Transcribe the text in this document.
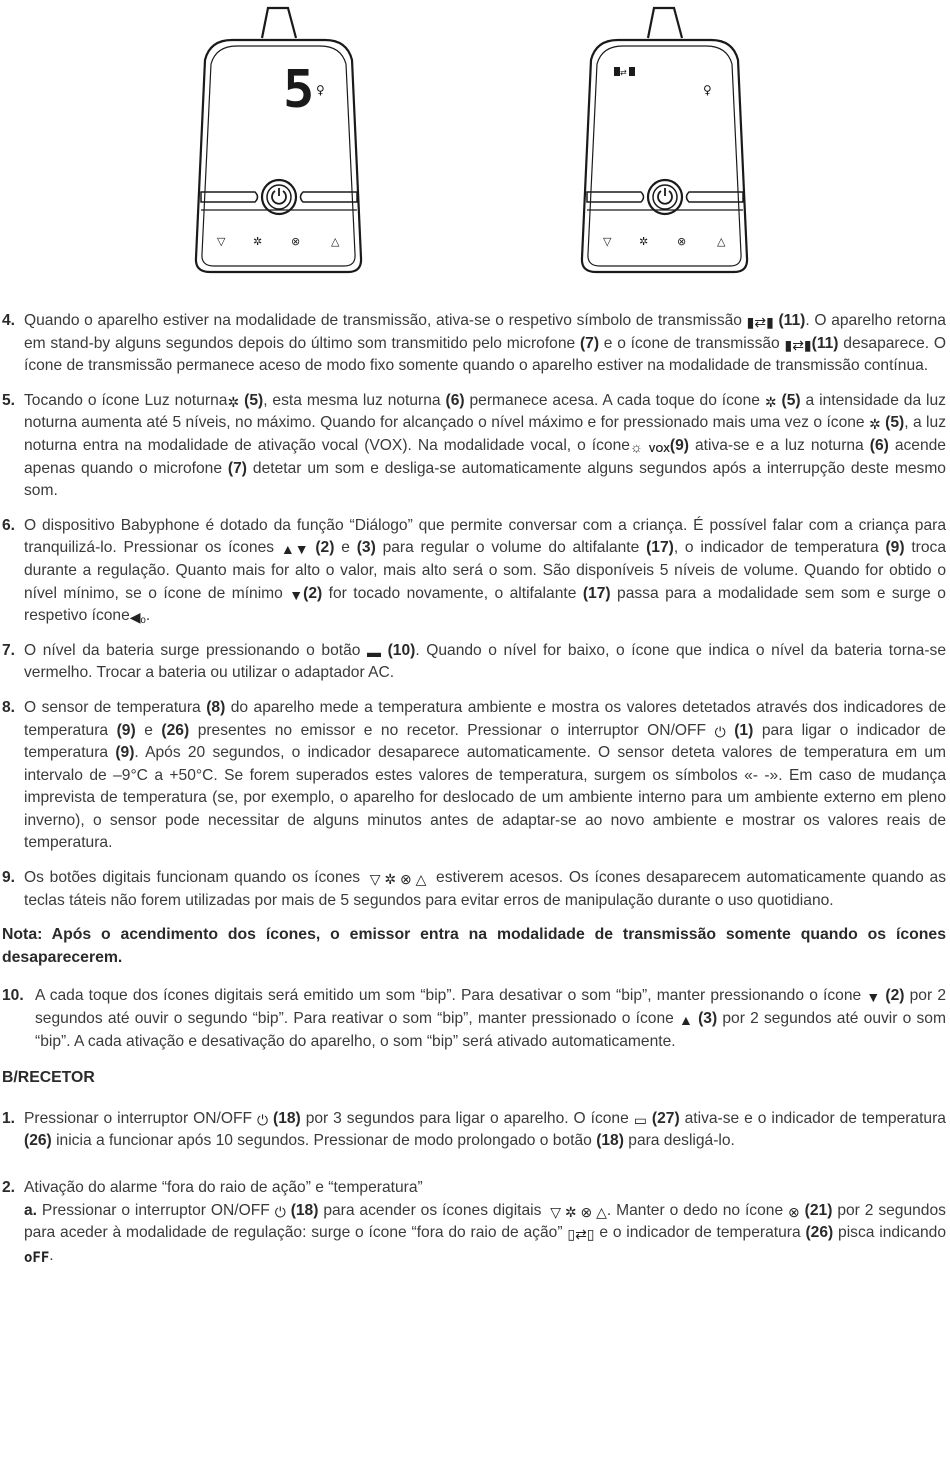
5 ♀
▽	✲	⊗	△
⇄
♀
▽	✲	⊗	△
4. Quando o aparelho estiver na modalidade de transmissão, ativa-se o respetivo símbolo de transmissão ▮⇄▮ (11). O aparelho retorna em stand-by alguns segundos depois do último som transmitido pelo microfone (7) e o ícone de transmissão ▮⇄▮(11) desaparece. O ícone de transmissão permanece aceso de modo fixo somente quando o aparelho estiver na modalidade de transmissão contínua.
5. Tocando o ícone Luz noturna✲ (5), esta mesma luz noturna (6) permanece acesa. A cada toque do ícone ✲ (5) a intensidade da luz noturna aumenta até 5 níveis, no máximo. Quando for alcançado o nível máximo e for pressionado mais uma vez o ícone ✲ (5), a luz noturna entra na modalidade de ativação vocal (VOX). Na modalidade vocal, o ícone☼ VOX(9) ativa-se e a luz noturna (6) acende apenas quando o microfone (7) detetar um som e desliga-se automaticamente alguns segundos após a interrupção deste mesmo som.
6. O dispositivo Babyphone é dotado da função “Diálogo” que permite conversar com a criança. É possível falar com a criança para tranquilizá-lo. Pressionar os ícones ▲▼ (2) e (3) para regular o volume do altifalante (17), o indicador de temperatura (9) troca durante a regulação. Quanto mais for alto o valor, mais alto será o som. São disponíveis 5 níveis de volume. Quando for obtido o nível mínimo, se o ícone de mínimo ▼(2) for tocado novamente, o altifalante (17) passa para a modalidade sem som e surge o respetivo ícone◀ₒ.
7. O nível da bateria surge pressionando o botão ▬ (10). Quando o nível for baixo, o ícone que indica o nível da bateria torna-se vermelho. Trocar a bateria ou utilizar o adaptador AC.
8. O sensor de temperatura (8) do aparelho mede a temperatura ambiente e mostra os valores detetados através dos indicadores de temperatura (9) e (26) presentes no emissor e no recetor. Pressionar o interruptor ON/OFF ⏻ (1) para ligar o indicador de temperatura (9). Após 20 segundos, o indicador desaparece automaticamente. O sensor deteta valores de temperatura em um intervalo de –9°C a +50°C. Se forem superados estes valores de temperatura, surgem os símbolos «- -». Em caso de mudança imprevista de temperatura (se, por exemplo, o aparelho for deslocado de um ambiente interno para um ambiente externo em pleno inverno), o sensor pode necessitar de alguns minutos antes de adaptar-se ao novo ambiente e mostrar os valores reais de temperatura.
9. Os botões digitais funcionam quando os ícones  ▽ ✲ ⊗ △  estiverem acesos. Os ícones desaparecem automaticamente quando as teclas táteis não forem utilizadas por mais de 5 segundos para evitar erros de manipulação durante o uso quotidiano.
Nota: Após o acendimento dos ícones, o emissor entra na modalidade de transmissão somente quando os ícones desaparecerem.
10. A cada toque dos ícones digitais será emitido um som “bip”. Para desativar o som “bip”, manter pressionando o ícone ▼ (2) por 2 segundos até ouvir o segundo “bip”. Para reativar o som “bip”, manter pressionado o ícone ▲ (3) por 2 segundos até ouvir o som “bip”. A cada ativação e desativação do aparelho, o som “bip” será ativado automaticamente.
B/RECETOR
1. Pressionar o interruptor ON/OFF ⏻ (18) por 3 segundos para ligar o aparelho. O ícone ▭ (27) ativa-se e o indicador de temperatura (26) inicia a funcionar após 10 segundos. Pressionar de modo prolongado o botão (18) para desligá-lo.
2. Ativação do alarme “fora do raio de ação” e “temperatura”
a. Pressionar o interruptor ON/OFF ⏻ (18) para acender os ícones digitais  ▽ ✲ ⊗ △. Manter o dedo no ícone ⊗ (21) por 2 segundos para aceder à modalidade de regulação: surge o ícone “fora do raio de ação” ▯⇄▯ e o indicador de temperatura (26) pisca indicando oFF.
